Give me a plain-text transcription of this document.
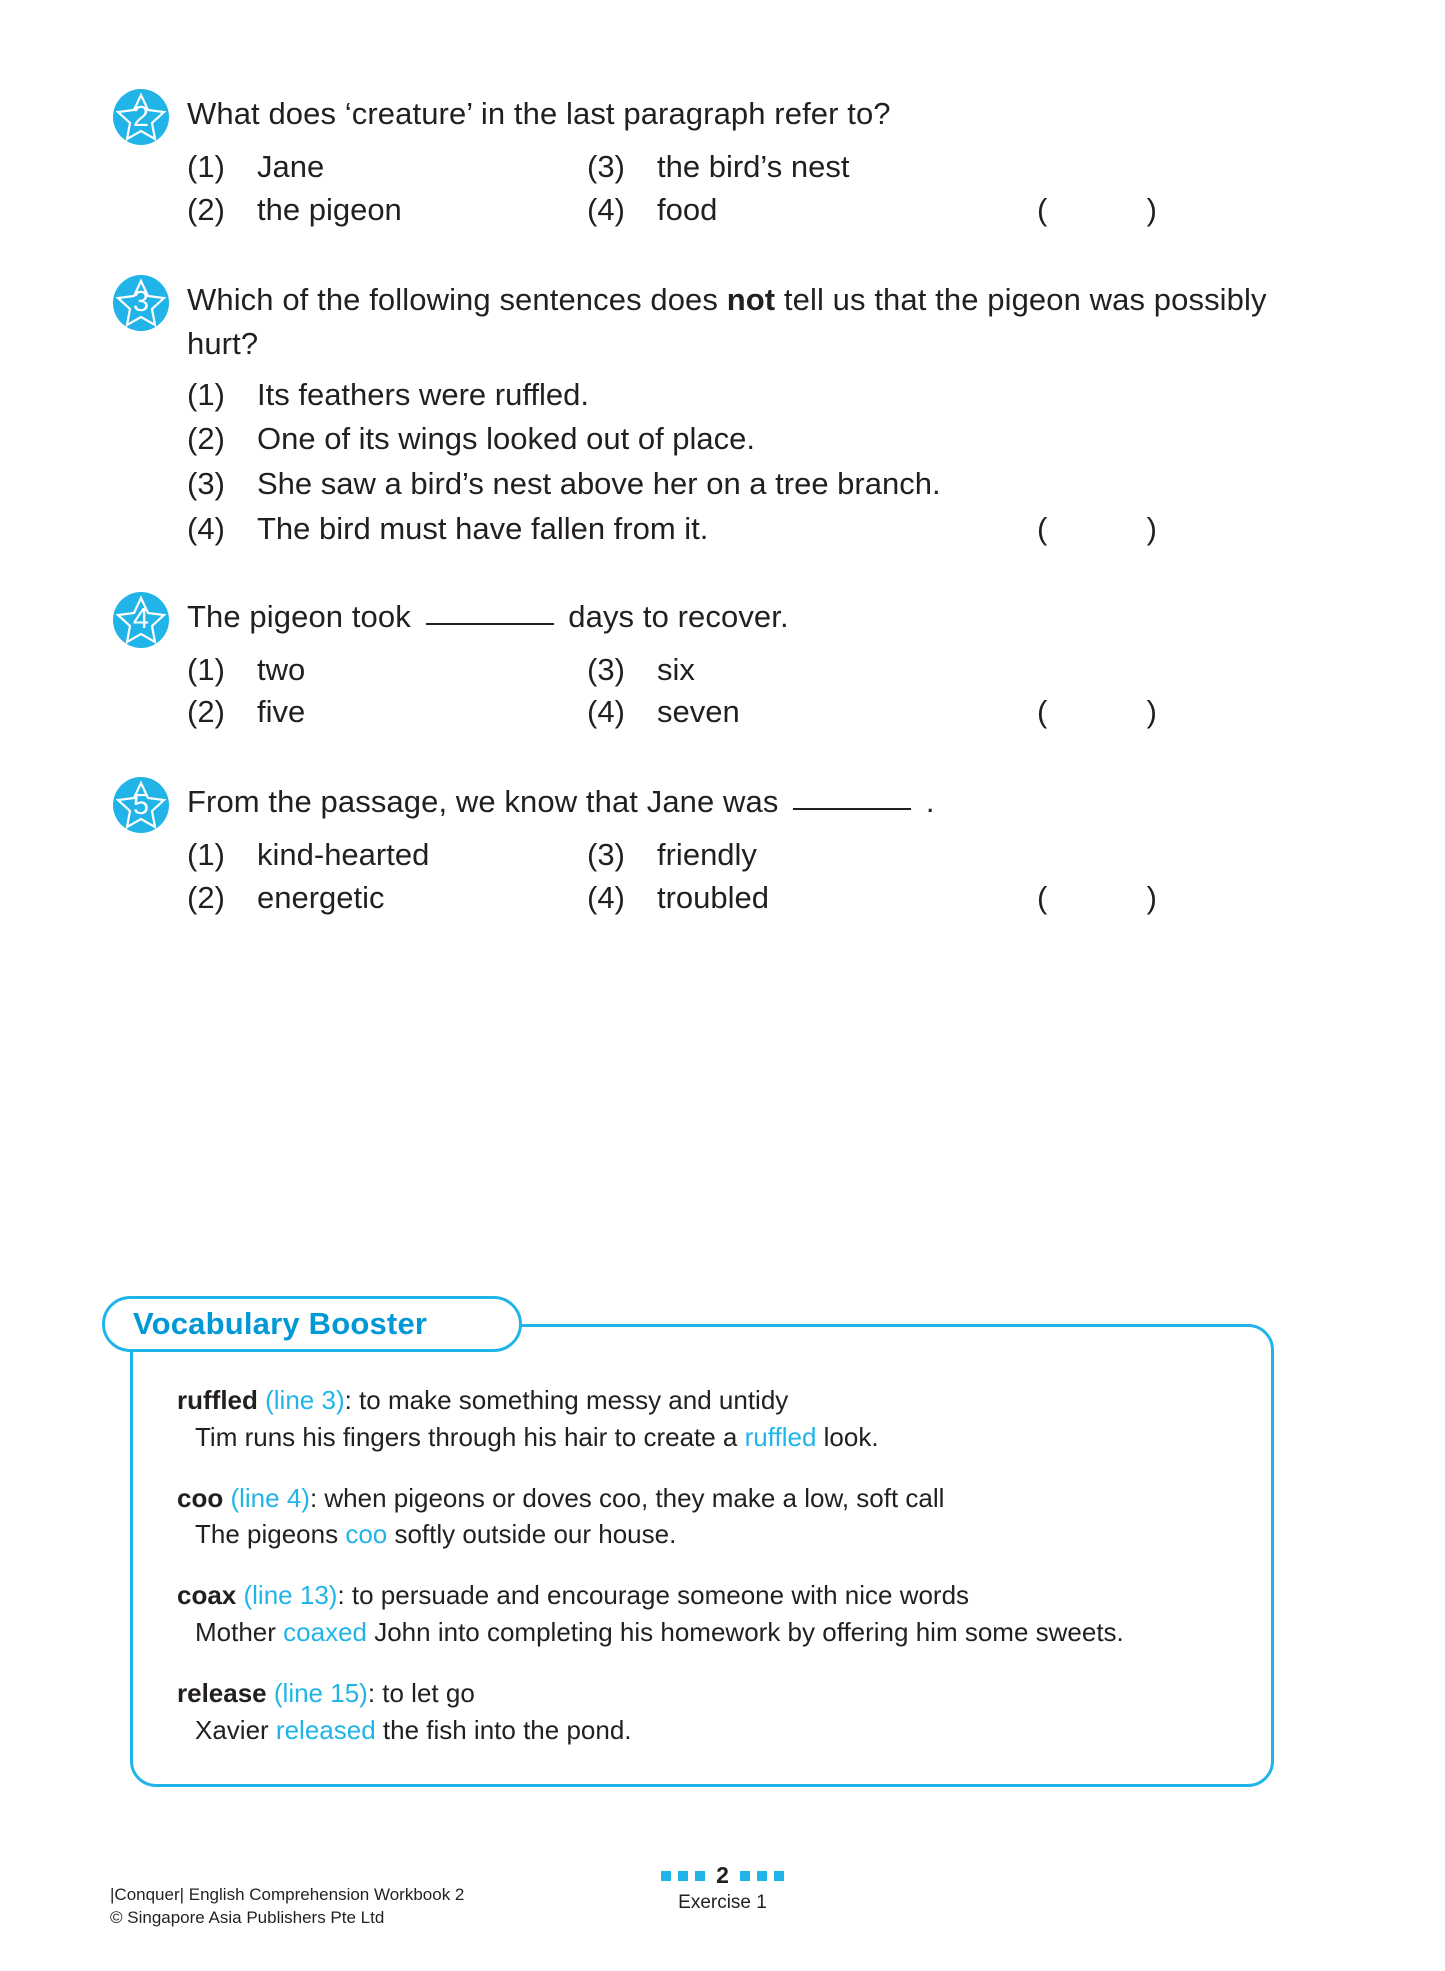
2	What does ‘creature’ in the last paragraph refer to?
(1)	Jane	(3)	the bird’s nest
(2)	the pigeon	(4)	food	(	)
3	Which of the following sentences does not tell us that the pigeon was possibly hurt?
(1)	Its feathers were ruffled.
(2)	One of its wings looked out of place.
(3)	She saw a bird’s nest above her on a tree branch.
(4)	The bird must have fallen from it.	(	)
4	The pigeon took	days to recover.
(1)	two	(3)	six
(2)	five	(4)	seven	(	)
5	From the passage, we know that Jane was	.
(1)	kind-hearted	(3)	friendly
(2)	energetic	(4)	troubled	(	)
ruffled (line 3): to make something messy and untidy
Tim runs his fingers through his hair to create a ruffled look.
coo (line 4): when pigeons or doves coo, they make a low, soft call
The pigeons coo softly outside our house.
coax (line 13): to persuade and encourage someone with nice words
Mother coaxed John into completing his homework by offering him some sweets.
release (line 15): to let go
Xavier released the fish into the pond.
Vocabulary Booster
|Conquer| English Comprehension Workbook 2
© Singapore Asia Publishers Pte Ltd
2
Exercise 1
